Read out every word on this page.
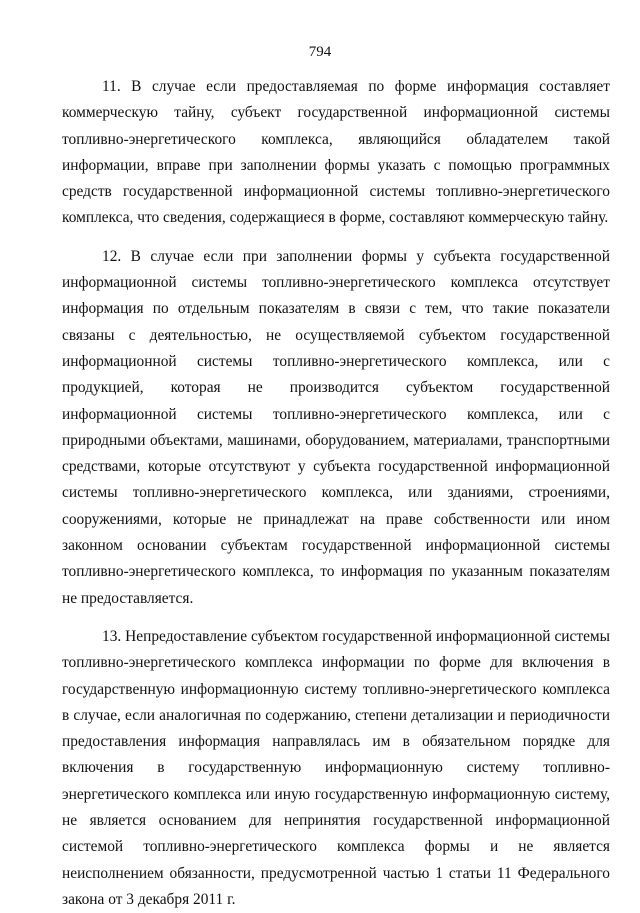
794

11. В случае если предоставляемая по форме информация составляет коммерческую тайну, субъект государственной информационной системы топливно-энергетического комплекса, являющийся обладателем такой информации, вправе при заполнении формы указать с помощью программных средств государственной информационной системы топливно-энергетического комплекса, что сведения, содержащиеся в форме, составляют коммерческую тайну.

12. В случае если при заполнении формы у субъекта государственной информационной системы топливно-энергетического комплекса отсутствует информация по отдельным показателям в связи с тем, что такие показатели связаны с деятельностью, не осуществляемой субъектом государственной информационной системы топливно-энергетического комплекса, или с продукцией, которая не производится субъектом государственной информационной системы топливно-энергетического комплекса, или с природными объектами, машинами, оборудованием, материалами, транспортными средствами, которые отсутствуют у субъекта государственной информационной системы топливно-энергетического комплекса, или зданиями, строениями, сооружениями, которые не принадлежат на праве собственности или ином законном основании субъектам государственной информационной системы топливно-энергетического комплекса, то информация по указанным показателям не предоставляется.

13. Непредоставление субъектом государственной информационной системы топливно-энергетического комплекса информации по форме для включения в государственную информационную систему топливно-энергетического комплекса в случае, если аналогичная по содержанию, степени детализации и периодичности предоставления информация направлялась им в обязательном порядке для включения в государственную информационную систему топливно-энергетического комплекса или иную государственную информационную систему, не является основанием для непринятия государственной информационной системой топливно-энергетического комплекса формы и не является неисполнением обязанности, предусмотренной частью 1 статьи 11 Федерального закона от 3 декабря 2011 г.
